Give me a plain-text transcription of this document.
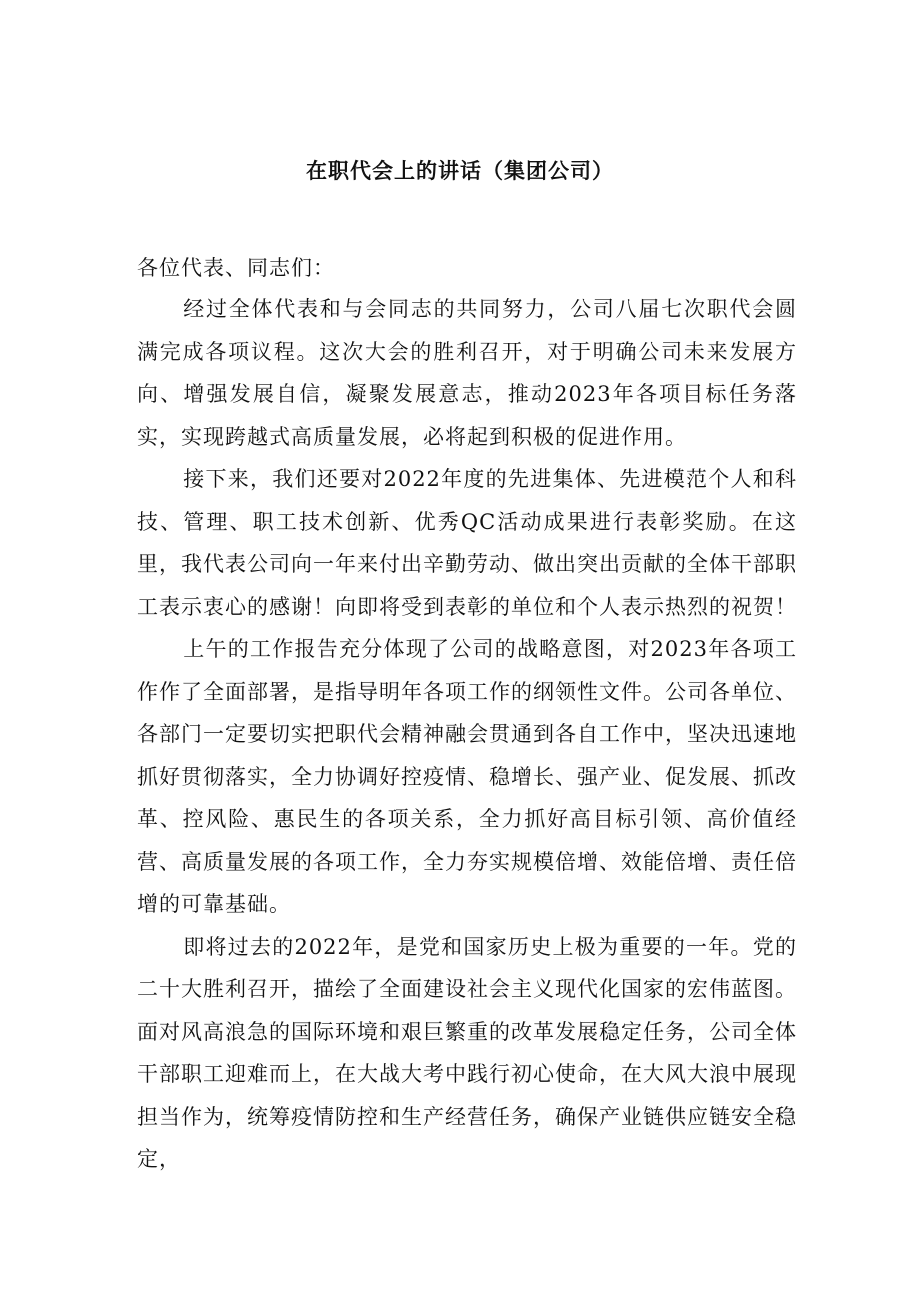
在职代会上的讲话（集团公司）

各位代表、同志们：

经过全体代表和与会同志的共同努力，公司八届七次职代会圆满完成各项议程。这次大会的胜利召开，对于明确公司未来发展方向、增强发展自信，凝聚发展意志，推动2023年各项目标任务落实，实现跨越式高质量发展，必将起到积极的促进作用。

接下来，我们还要对2022年度的先进集体、先进模范个人和科技、管理、职工技术创新、优秀QC活动成果进行表彰奖励。在这里，我代表公司向一年来付出辛勤劳动、做出突出贡献的全体干部职工表示衷心的感谢！向即将受到表彰的单位和个人表示热烈的祝贺！

上午的工作报告充分体现了公司的战略意图，对2023年各项工作作了全面部署，是指导明年各项工作的纲领性文件。公司各单位、各部门一定要切实把职代会精神融会贯通到各自工作中，坚决迅速地抓好贯彻落实，全力协调好控疫情、稳增长、强产业、促发展、抓改革、控风险、惠民生的各项关系，全力抓好高目标引领、高价值经营、高质量发展的各项工作，全力夯实规模倍增、效能倍增、责任倍增的可靠基础。

即将过去的2022年，是党和国家历史上极为重要的一年。党的二十大胜利召开，描绘了全面建设社会主义现代化国家的宏伟蓝图。面对风高浪急的国际环境和艰巨繁重的改革发展稳定任务，公司全体干部职工迎难而上，在大战大考中践行初心使命，在大风大浪中展现担当作为，统筹疫情防控和生产经营任务，确保产业链供应链安全稳定，
